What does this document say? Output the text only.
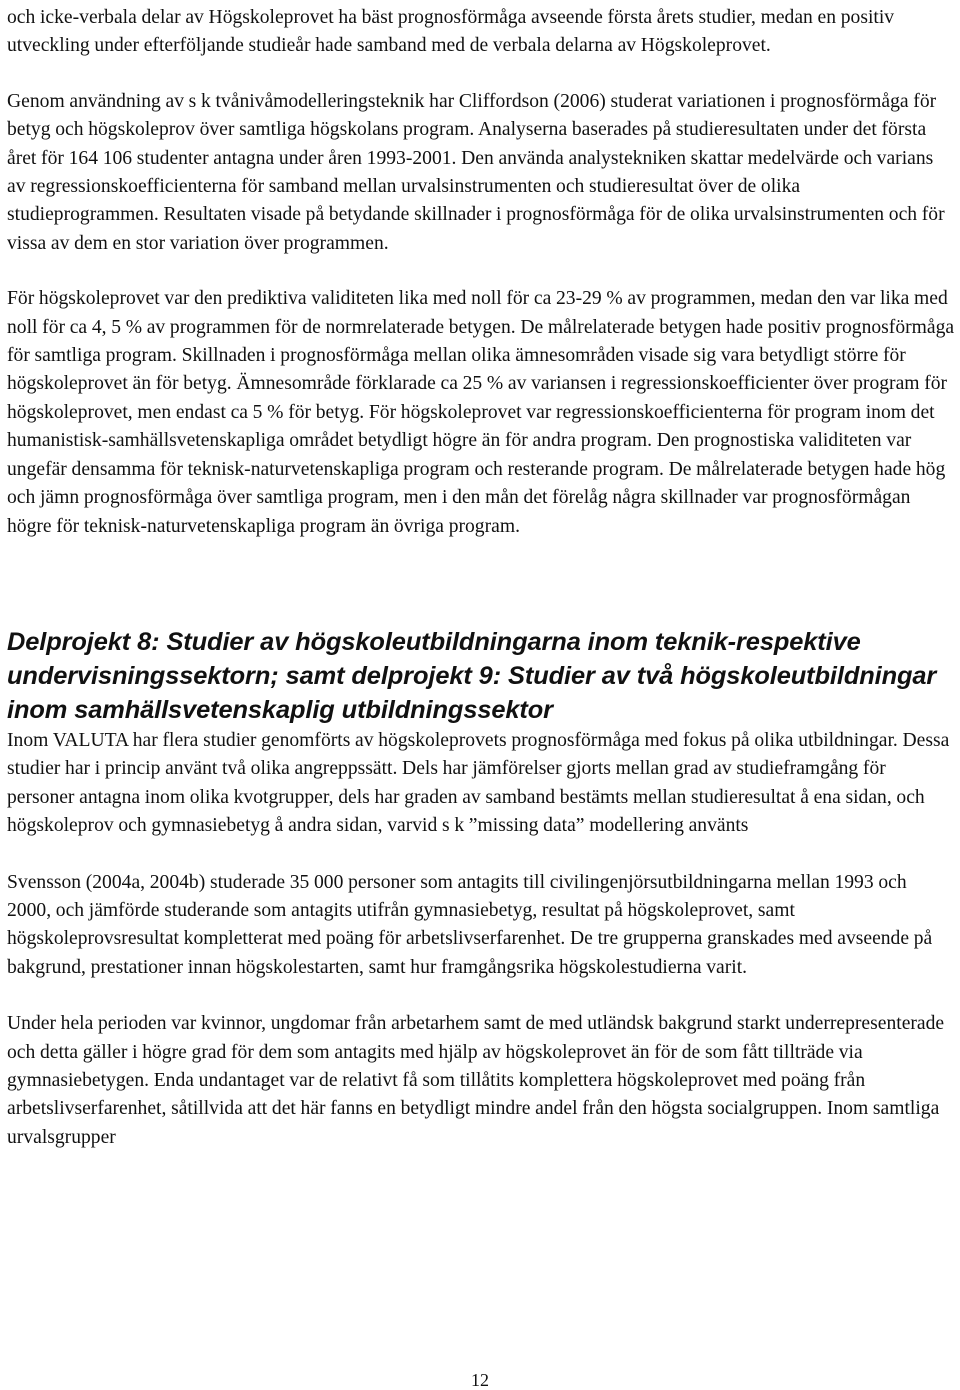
och icke-verbala delar av Högskoleprovet ha bäst prognosförmåga avseende första årets studier, medan en positiv utveckling under efterföljande studieår hade samband med de verbala delarna av Högskoleprovet.

Genom användning av s k tvånivåmodelleringsteknik har Cliffordson (2006) studerat variationen i prognosförmåga för betyg och högskoleprov över samtliga högskolans program. Analyserna baserades på studieresultaten under det första året för 164 106 studenter antagna under åren 1993-2001. Den använda analystekniken skattar medelvärde och varians av regressionskoefficienterna för samband mellan urvalsinstrumenten och studieresultat över de olika studieprogrammen. Resultaten visade på betydande skillnader i prognosförmåga för de olika urvalsinstrumenten och för vissa av dem en stor variation över programmen.

För högskoleprovet var den prediktiva validiteten lika med noll för ca 23-29 % av programmen, medan den var lika med noll för ca 4, 5 % av programmen för de normrelaterade betygen. De målrelaterade betygen hade positiv prognosförmåga för samtliga program. Skillnaden i prognosförmåga mellan olika ämnesområden visade sig vara betydligt större för högskoleprovet än för betyg. Ämnesområde förklarade ca 25 % av variansen i regressionskoefficienter över program för högskoleprovet, men endast ca 5 % för betyg. För högskoleprovet var regressionskoefficienterna för program inom det humanistisk-samhällsvetenskapliga området betydligt högre än för andra program. Den prognostiska validiteten var ungefär densamma för teknisk-naturvetenskapliga program och resterande program. De målrelaterade betygen hade hög och jämn prognosförmåga över samtliga program, men i den mån det förelåg några skillnader var prognosförmågan högre för teknisk-naturvetenskapliga program än övriga program.

Delprojekt 8: Studier av högskoleutbildningarna inom teknik-respektive undervisningssektorn; samt delprojekt 9: Studier av två högskoleutbildningar inom samhällsvetenskaplig utbildningssektor

Inom VALUTA har flera studier genomförts av högskoleprovets prognosförmåga med fokus på olika utbildningar. Dessa studier har i princip använt två olika angreppssätt. Dels har jämförelser gjorts mellan grad av studieframgång för personer antagna inom olika kvotgrupper, dels har graden av samband bestämts mellan studieresultat å ena sidan, och högskoleprov och gymnasiebetyg å andra sidan, varvid s k ”missing data” modellering använts

Svensson (2004a, 2004b) studerade 35 000 personer som antagits till civilingenjörsutbildningarna mellan 1993 och 2000, och jämförde studerande som antagits utifrån gymnasiebetyg, resultat på högskoleprovet, samt högskoleprovsresultat kompletterat med poäng för arbetslivserfarenhet. De tre grupperna granskades med avseende på bakgrund, prestationer innan högskolestarten, samt hur framgångsrika högskolestudierna varit.

Under hela perioden var kvinnor, ungdomar från arbetarhem samt de med utländsk bakgrund starkt underrepresenterade och detta gäller i högre grad för dem som antagits med hjälp av högskoleprovet än för de som fått tillträde via gymnasiebetygen. Enda undantaget var de relativt få som tillåtits komplettera högskoleprovet med poäng från arbetslivserfarenhet, såtillvida att det här fanns en betydligt mindre andel från den högsta socialgruppen. Inom samtliga urvalsgrupper

12
